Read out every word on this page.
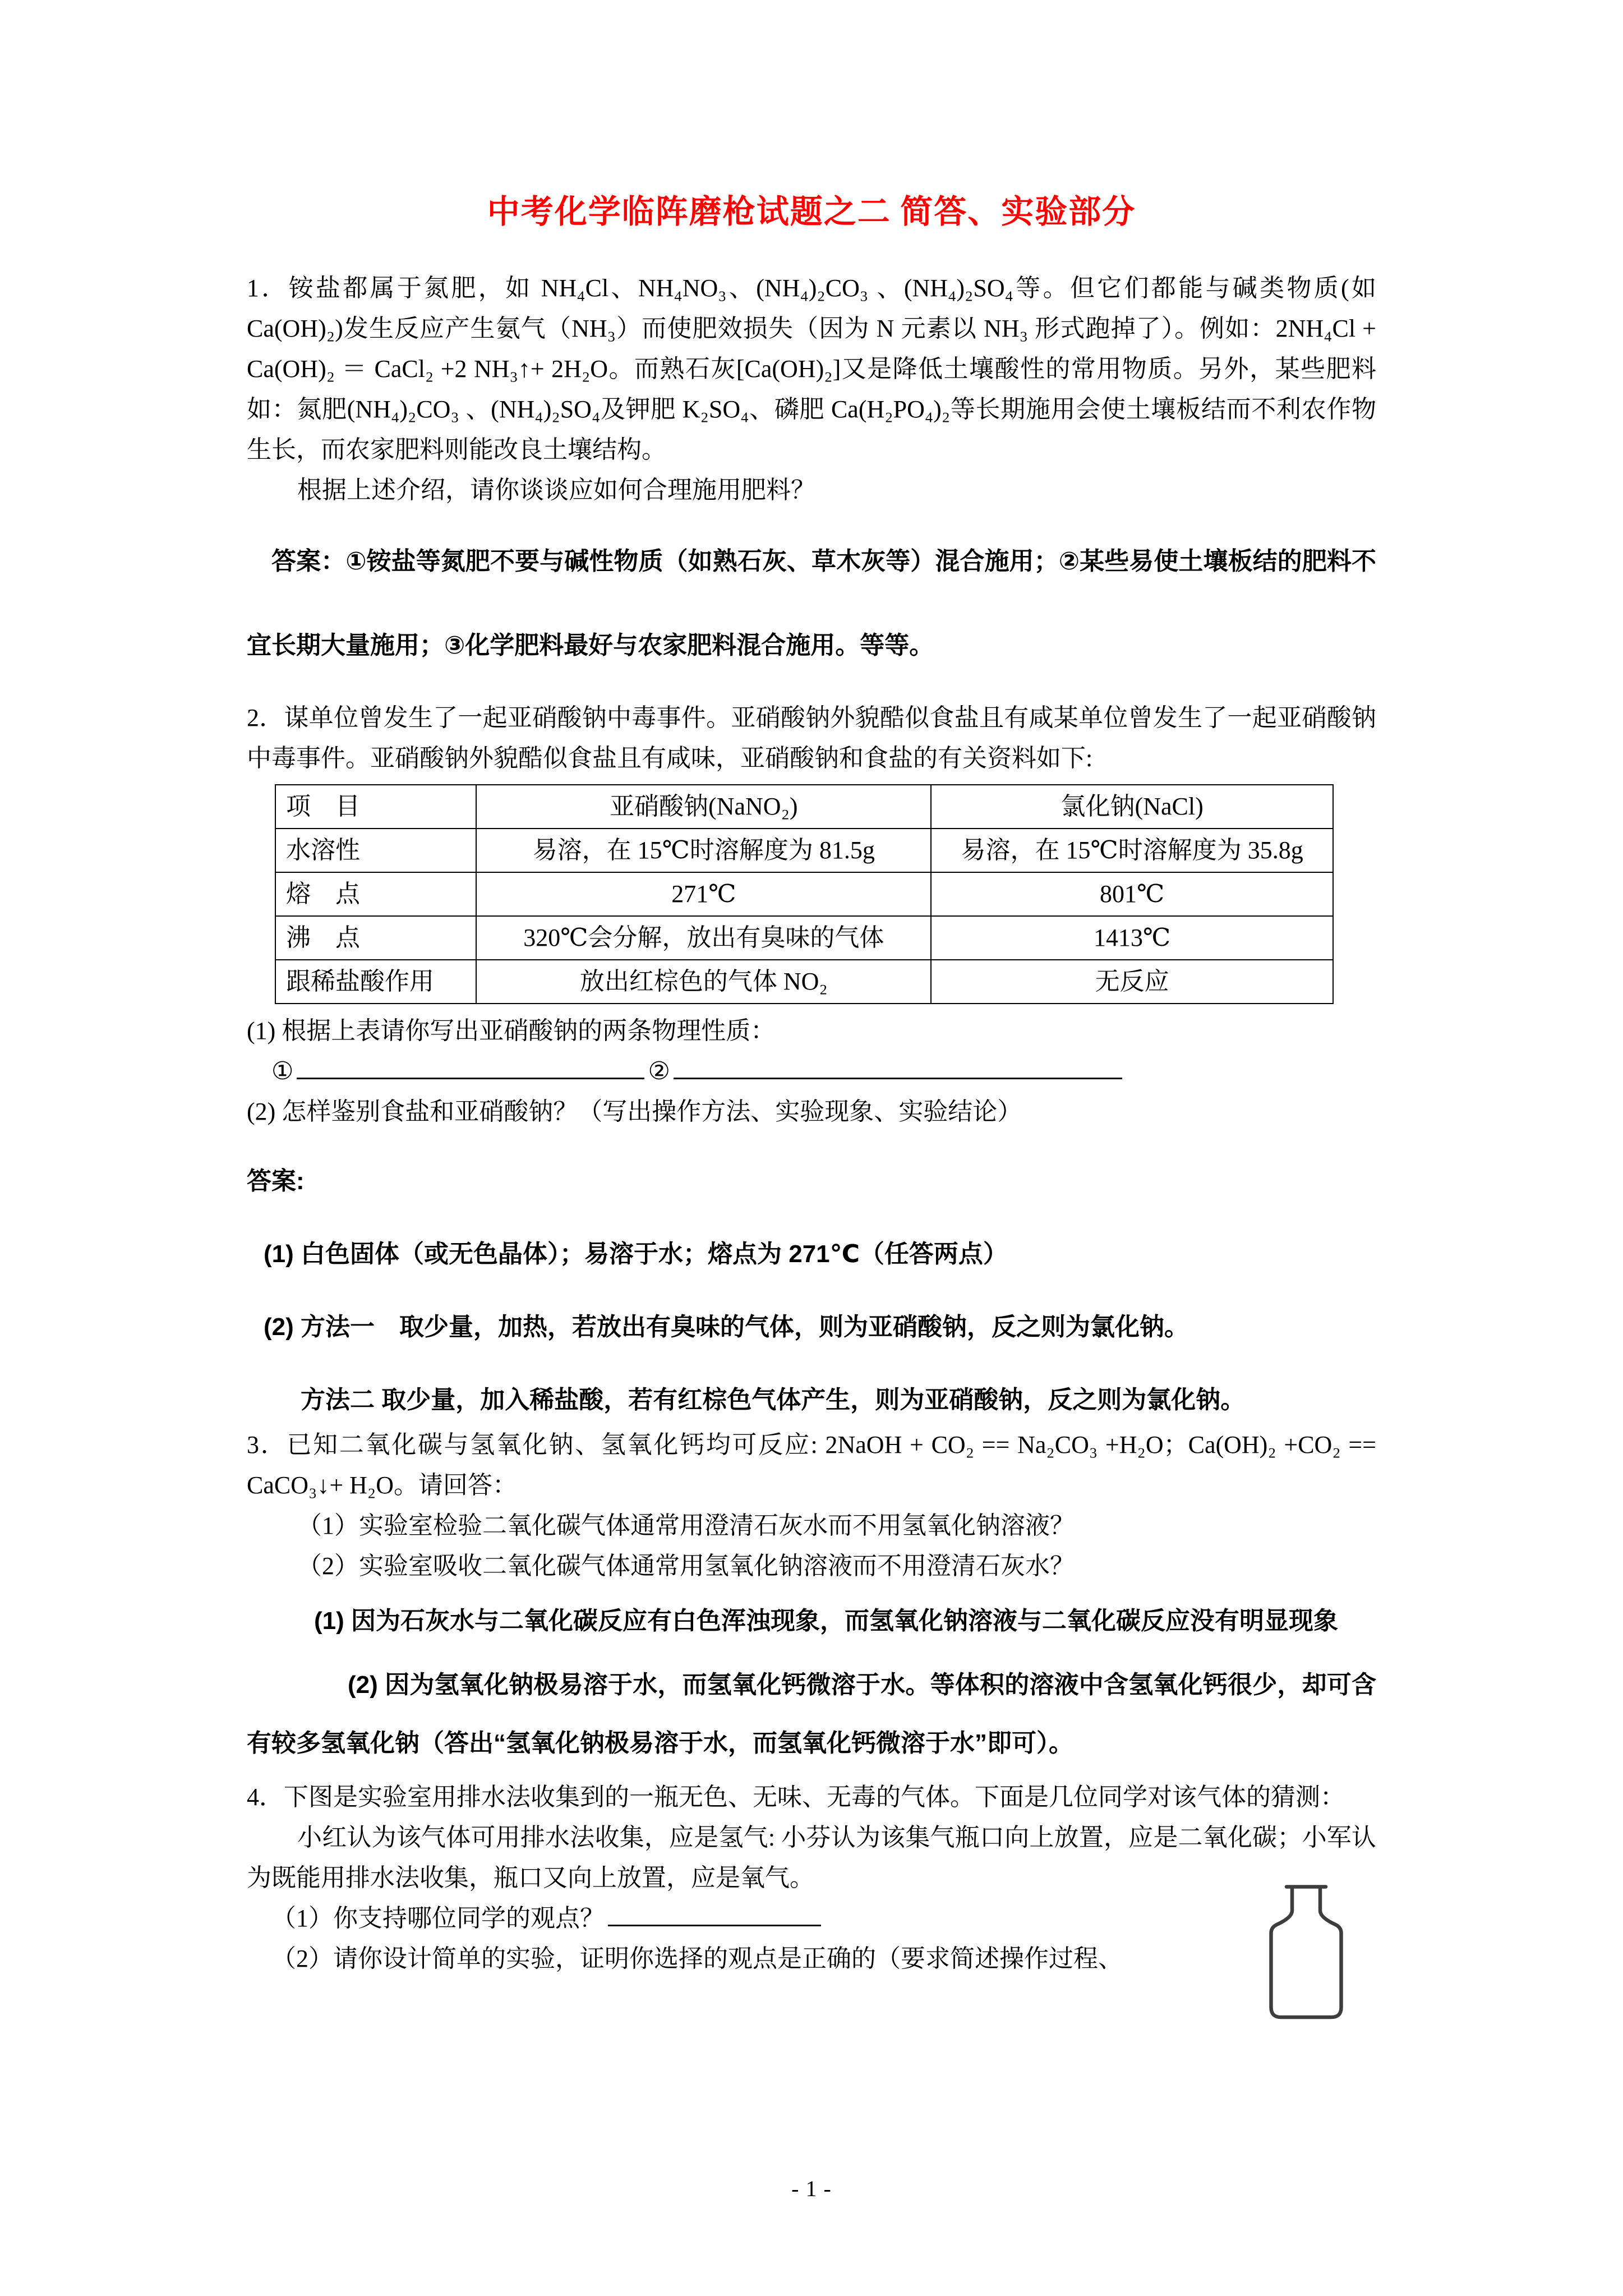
中考化学临阵磨枪试题之二 简答、实验部分

1．铵盐都属于氮肥，如 NH₄Cl、NH₄NO₃、(NH₄)₂CO₃ 、(NH₄)₂SO₄等。但它们都能与碱类物质(如 Ca(OH)₂)发生反应产生氨气（NH₃）而使肥效损失（因为 N 元素以 NH₃ 形式跑掉了）。例如：2NH₄Cl + Ca(OH)₂ ＝ CaCl₂ +2 NH₃↑+ 2H₂O。而熟石灰[Ca(OH)₂]又是降低土壤酸性的常用物质。另外，某些肥料如：氮肥(NH₄)₂CO₃ 、(NH₄)₂SO₄及钾肥 K₂SO₄、磷肥 Ca(H₂PO₄)₂等长期施用会使土壤板结而不利农作物生长，而农家肥料则能改良土壤结构。

根据上述介绍，请你谈谈应如何合理施用肥料？

答案：①铵盐等氮肥不要与碱性物质（如熟石灰、草木灰等）混合施用；②某些易使土壤板结的肥料不宜长期大量施用；③化学肥料最好与农家肥料混合施用。等等。

2．谋单位曾发生了一起亚硝酸钠中毒事件。亚硝酸钠外貌酷似食盐且有咸某单位曾发生了一起亚硝酸钠中毒事件。亚硝酸钠外貌酷似食盐且有咸味，亚硝酸钠和食盐的有关资料如下:

项　目	亚硝酸钠(NaNO₂)	氯化钠(NaCl)
水溶性	易溶，在 15℃时溶解度为 81.5g	易溶，在 15℃时溶解度为 35.8g
熔　点	271℃	801℃
沸　点	320℃会分解，放出有臭味的气体	1413℃
跟稀盐酸作用	放出红棕色的气体 NO₂	无反应

(1) 根据上表请你写出亚硝酸钠的两条物理性质：

①	②

(2) 怎样鉴别食盐和亚硝酸钠？（写出操作方法、实验现象、实验结论）

答案:

(1) 白色固体（或无色晶体）；易溶于水；熔点为 271℃（任答两点）

(2) 方法一　取少量，加热，若放出有臭味的气体，则为亚硝酸钠，反之则为氯化钠。

方法二 取少量，加入稀盐酸，若有红棕色气体产生，则为亚硝酸钠，反之则为氯化钠。

3．已知二氧化碳与氢氧化钠、氢氧化钙均可反应: 2NaOH + CO₂ == Na₂CO₃ +H₂O；Ca(OH)₂ +CO₂ == CaCO₃↓+ H₂O。请回答：

（1）实验室检验二氧化碳气体通常用澄清石灰水而不用氢氧化钠溶液？

（2）实验室吸收二氧化碳气体通常用氢氧化钠溶液而不用澄清石灰水？

(1) 因为石灰水与二氧化碳反应有白色浑浊现象，而氢氧化钠溶液与二氧化碳反应没有明显现象

(2) 因为氢氧化钠极易溶于水，而氢氧化钙微溶于水。等体积的溶液中含氢氧化钙很少，却可含有较多氢氧化钠（答出“氢氧化钠极易溶于水，而氢氧化钙微溶于水”即可）。

4．下图是实验室用排水法收集到的一瓶无色、无味、无毒的气体。下面是几位同学对该气体的猜测：

小红认为该气体可用排水法收集，应是氢气: 小芬认为该集气瓶口向上放置，应是二氧化碳；小军认为既能用排水法收集，瓶口又向上放置，应是氧气。

（1）你支持哪位同学的观点？

（2）请你设计简单的实验，证明你选择的观点是正确的（要求简述操作过程、

- 1 -
